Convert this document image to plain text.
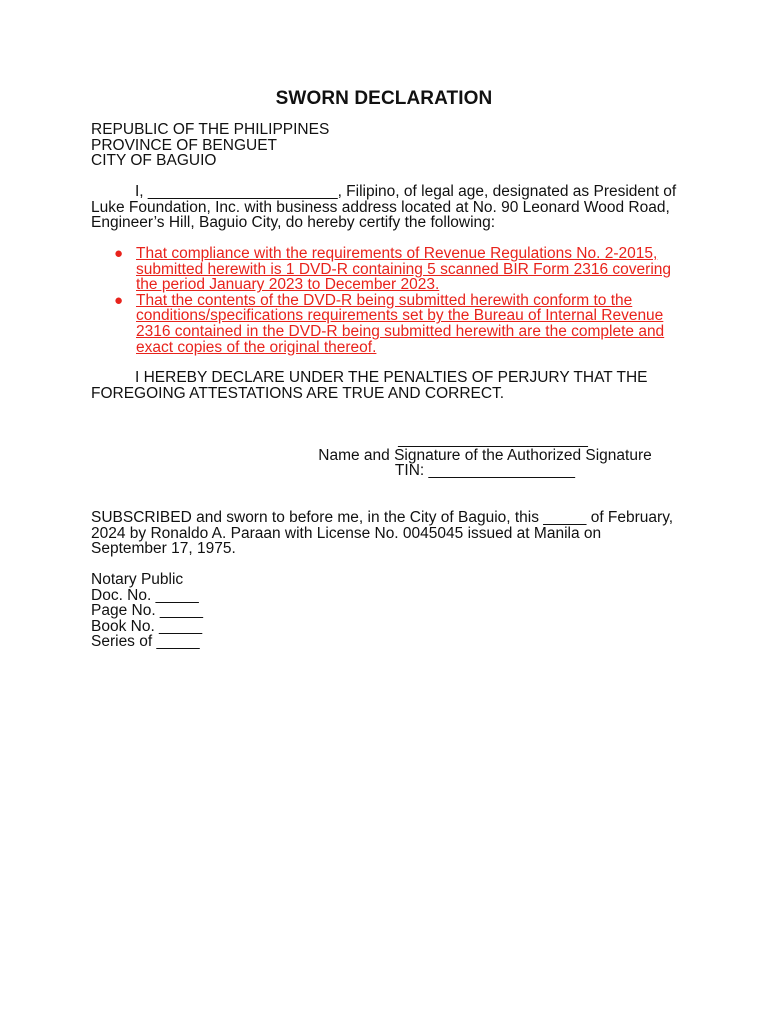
SWORN DECLARATION
REPUBLIC OF THE PHILIPPINES
PROVINCE OF BENGUET
CITY OF BAGUIO
I, ______________________, Filipino, of legal age, designated as President of Luke Foundation, Inc. with business address located at No. 90 Leonard Wood Road, Engineer’s Hill, Baguio City, do hereby certify the following:
● That compliance with the requirements of Revenue Regulations No. 2-2015, submitted herewith is 1 DVD-R containing 5 scanned BIR Form 2316 covering the period January 2023 to December 2023.
● That the contents of the DVD-R being submitted herewith conform to the conditions/specifications requirements set by the Bureau of Internal Revenue 2316 contained in the DVD-R being submitted herewith are the complete and exact copies of the original thereof.
I HEREBY DECLARE UNDER THE PENALTIES OF PERJURY THAT THE FOREGOING ATTESTATIONS ARE TRUE AND CORRECT.
______________________
Name and Signature of the Authorized Signature
TIN: _________________
SUBSCRIBED and sworn to before me, in the City of Baguio, this _____ of February, 2024 by Ronaldo A. Paraan with License No. 0045045 issued at Manila on September 17, 1975.
Notary Public
Doc. No. _____
Page No. _____
Book No. _____
Series of _____
